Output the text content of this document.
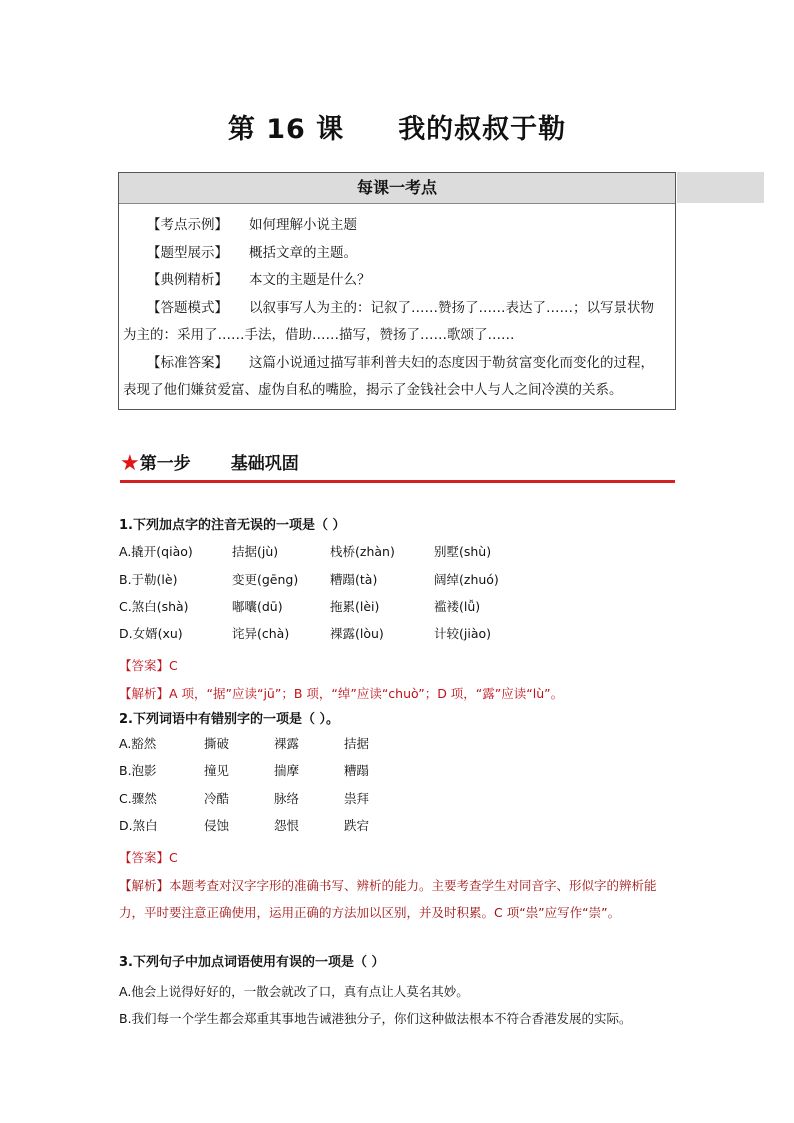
第 16 课 我的叔叔于勒
每课一考点
【考点示例】	如何理解小说主题
【题型展示】	概括文章的主题。
【典例精析】	本文的主题是什么？
【答题模式】	以叙事写人为主的：记叙了……赞扬了……表达了……；以写景状物
为主的：采用了……手法，借助……描写，赞扬了……歌颂了……
【标准答案】	这篇小说通过描写菲利普夫妇的态度因于勒贫富变化而变化的过程，
表现了他们嫌贫爱富、虚伪自私的嘴脸，揭示了金钱社会中人与人之间冷漠的关系。
★第一步 基础巩固
1.下列加点字的注音无误的一项是（ ）
A.撬开(qiào)	拮据(jù)	栈桥(zhàn)	别墅(shù)
B.于勒(lè)	变更(gēng)	糟蹋(tà)	阔绰(zhuó)
C.煞白(shà)	嘟囔(dū)	拖累(lèi)	褴褛(lǚ)
D.女婿(xu)	诧异(chà)	裸露(lòu)	计较(jiào)
【答案】C
【解析】A 项，“据”应读“jū”；B 项，“绰”应读“chuò”；D 项，“露”应读“lù”。
2.下列词语中有错别字的一项是（ ）。
A.豁然	撕破	裸露	拮据
B.泡影	撞见	揣摩	糟蹋
C.骤然	冷酷	脉络	祟拜
D.煞白	侵蚀	怨恨	跌宕
【答案】C
【解析】本题考查对汉字字形的准确书写、辨析的能力。主要考查学生对同音字、形似字的辨析能力，平时要注意正确使用，运用正确的方法加以区别，并及时积累。C 项“祟”应写作“崇”。
3.下列句子中加点词语使用有误的一项是（ ）
A.他会上说得好好的，一散会就改了口，真有点让人莫名其妙。
B.我们每一个学生都会郑重其事地告诫港独分子，你们这种做法根本不符合香港发展的实际。
